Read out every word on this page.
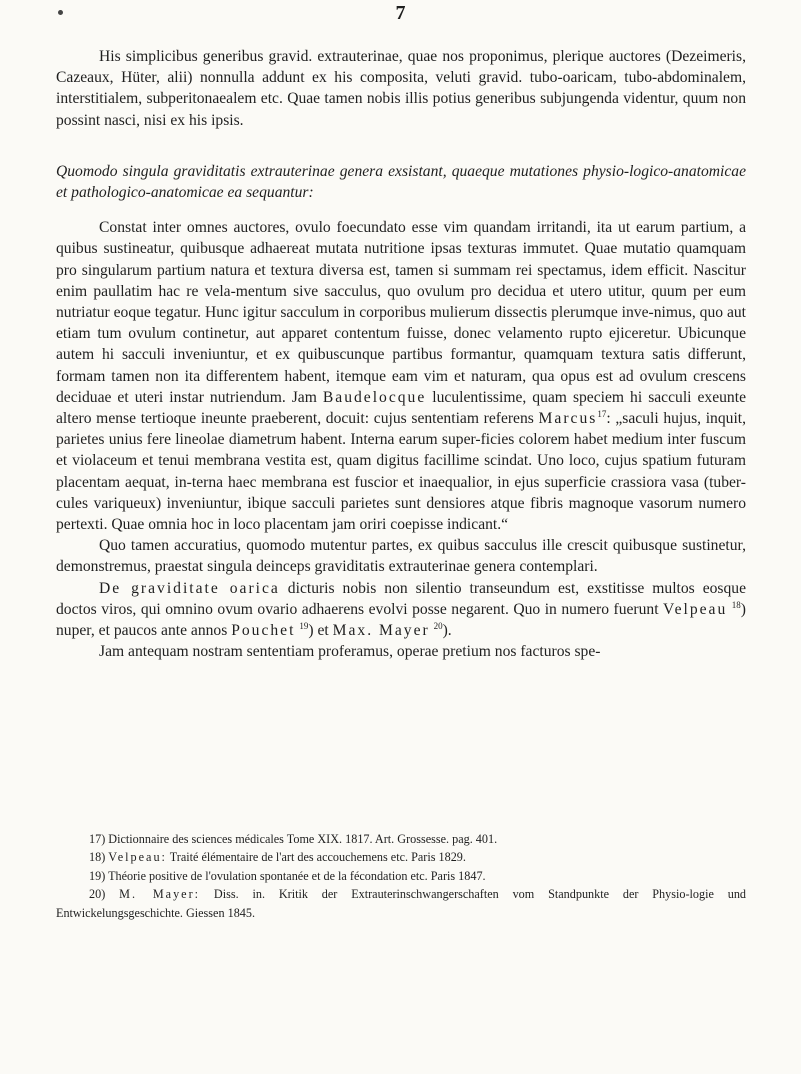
7

His simplicibus generibus gravid. extrauterinae, quae nos proponimus, plerique auctores (Dezeimeris, Cazeaux, Hüter, alii) nonnulla addunt ex his composita, veluti gravid. tubo-oaricam, tubo-abdominalem, interstitialem, subperitonaealem etc. Quae tamen nobis illis potius generibus subjungenda videntur, quum non possint nasci, nisi ex his ipsis.

Quomodo singula graviditatis extrauterinae genera exsistant, quaeque mutationes physio-logico-anatomicae et pathologico-anatomicae ea sequantur:

Constat inter omnes auctores, ovulo foecundato esse vim quandam irritandi, ita ut earum partium, a quibus sustineatur, quibusque adhaereat mutata nutritione ipsas texturas immutet. Quae mutatio quamquam pro singularum partium natura et textura diversa est, tamen si summam rei spectamus, idem efficit. Nascitur enim paullatim hac re vela-mentum sive sacculus, quo ovulum pro decidua et utero utitur, quum per eum nutriatur eoque tegatur. Hunc igitur sacculum in corporibus mulierum dissectis plerumque inve-nimus, quo aut etiam tum ovulum continetur, aut apparet contentum fuisse, donec velamento rupto ejiceretur. Ubicunque autem hi sacculi inveniuntur, et ex quibuscunque partibus formantur, quamquam textura satis differunt, formam tamen non ita differentem habent, itemque eam vim et naturam, qua opus est ad ovulum crescens deciduae et uteri instar nutriendum. Jam Baudelocque luculentissime, quam speciem hi sacculi exeunte altero mense tertioque ineunte praeberent, docuit: cujus sententiam referens Marcus$^{17}$: „saculi hujus, inquit, parietes unius fere lineolae diametrum habent. Interna earum super-ficies colorem habet medium inter fuscum et violaceum et tenui membrana vestita est, quam digitus facillime scindat. Uno loco, cujus spatium futuram placentam aequat, in-terna haec membrana est fuscior et inaequalior, in ejus superficie crassiora vasa (tuber-cules variqueux) inveniuntur, ibique sacculi parietes sunt densiores atque fibris magnoque vasorum numero pertexti. Quae omnia hoc in loco placentam jam oriri coepisse indicant.“

Quo tamen accuratius, quomodo mutentur partes, ex quibus sacculus ille crescit quibusque sustinetur, demonstremus, praestat singula deinceps graviditatis extrauterinae genera contemplari.

De graviditate oarica dicturis nobis non silentio transeundum est, exstitisse multos eosque doctos viros, qui omnino ovum ovario adhaerens evolvi posse negarent. Quo in numero fuerunt Velpeau $^{18}$) nuper, et paucos ante annos Pouchet $^{19}$) et Max. Mayer $^{20}$).

Jam antequam nostram sententiam proferamus, operae pretium nos facturos spe-

17) Dictionnaire des sciences médicales Tome XIX. 1817. Art. Grossesse. pag. 401.

18) Velpeau: Traité élémentaire de l'art des accouchemens etc. Paris 1829.

19) Théorie positive de l'ovulation spontanée et de la fécondation etc. Paris 1847.

20) M. Mayer: Diss. in. Kritik der Extrauterinschwangerschaften vom Standpunkte der Physio-logie und Entwickelungsgeschichte. Giessen 1845.
